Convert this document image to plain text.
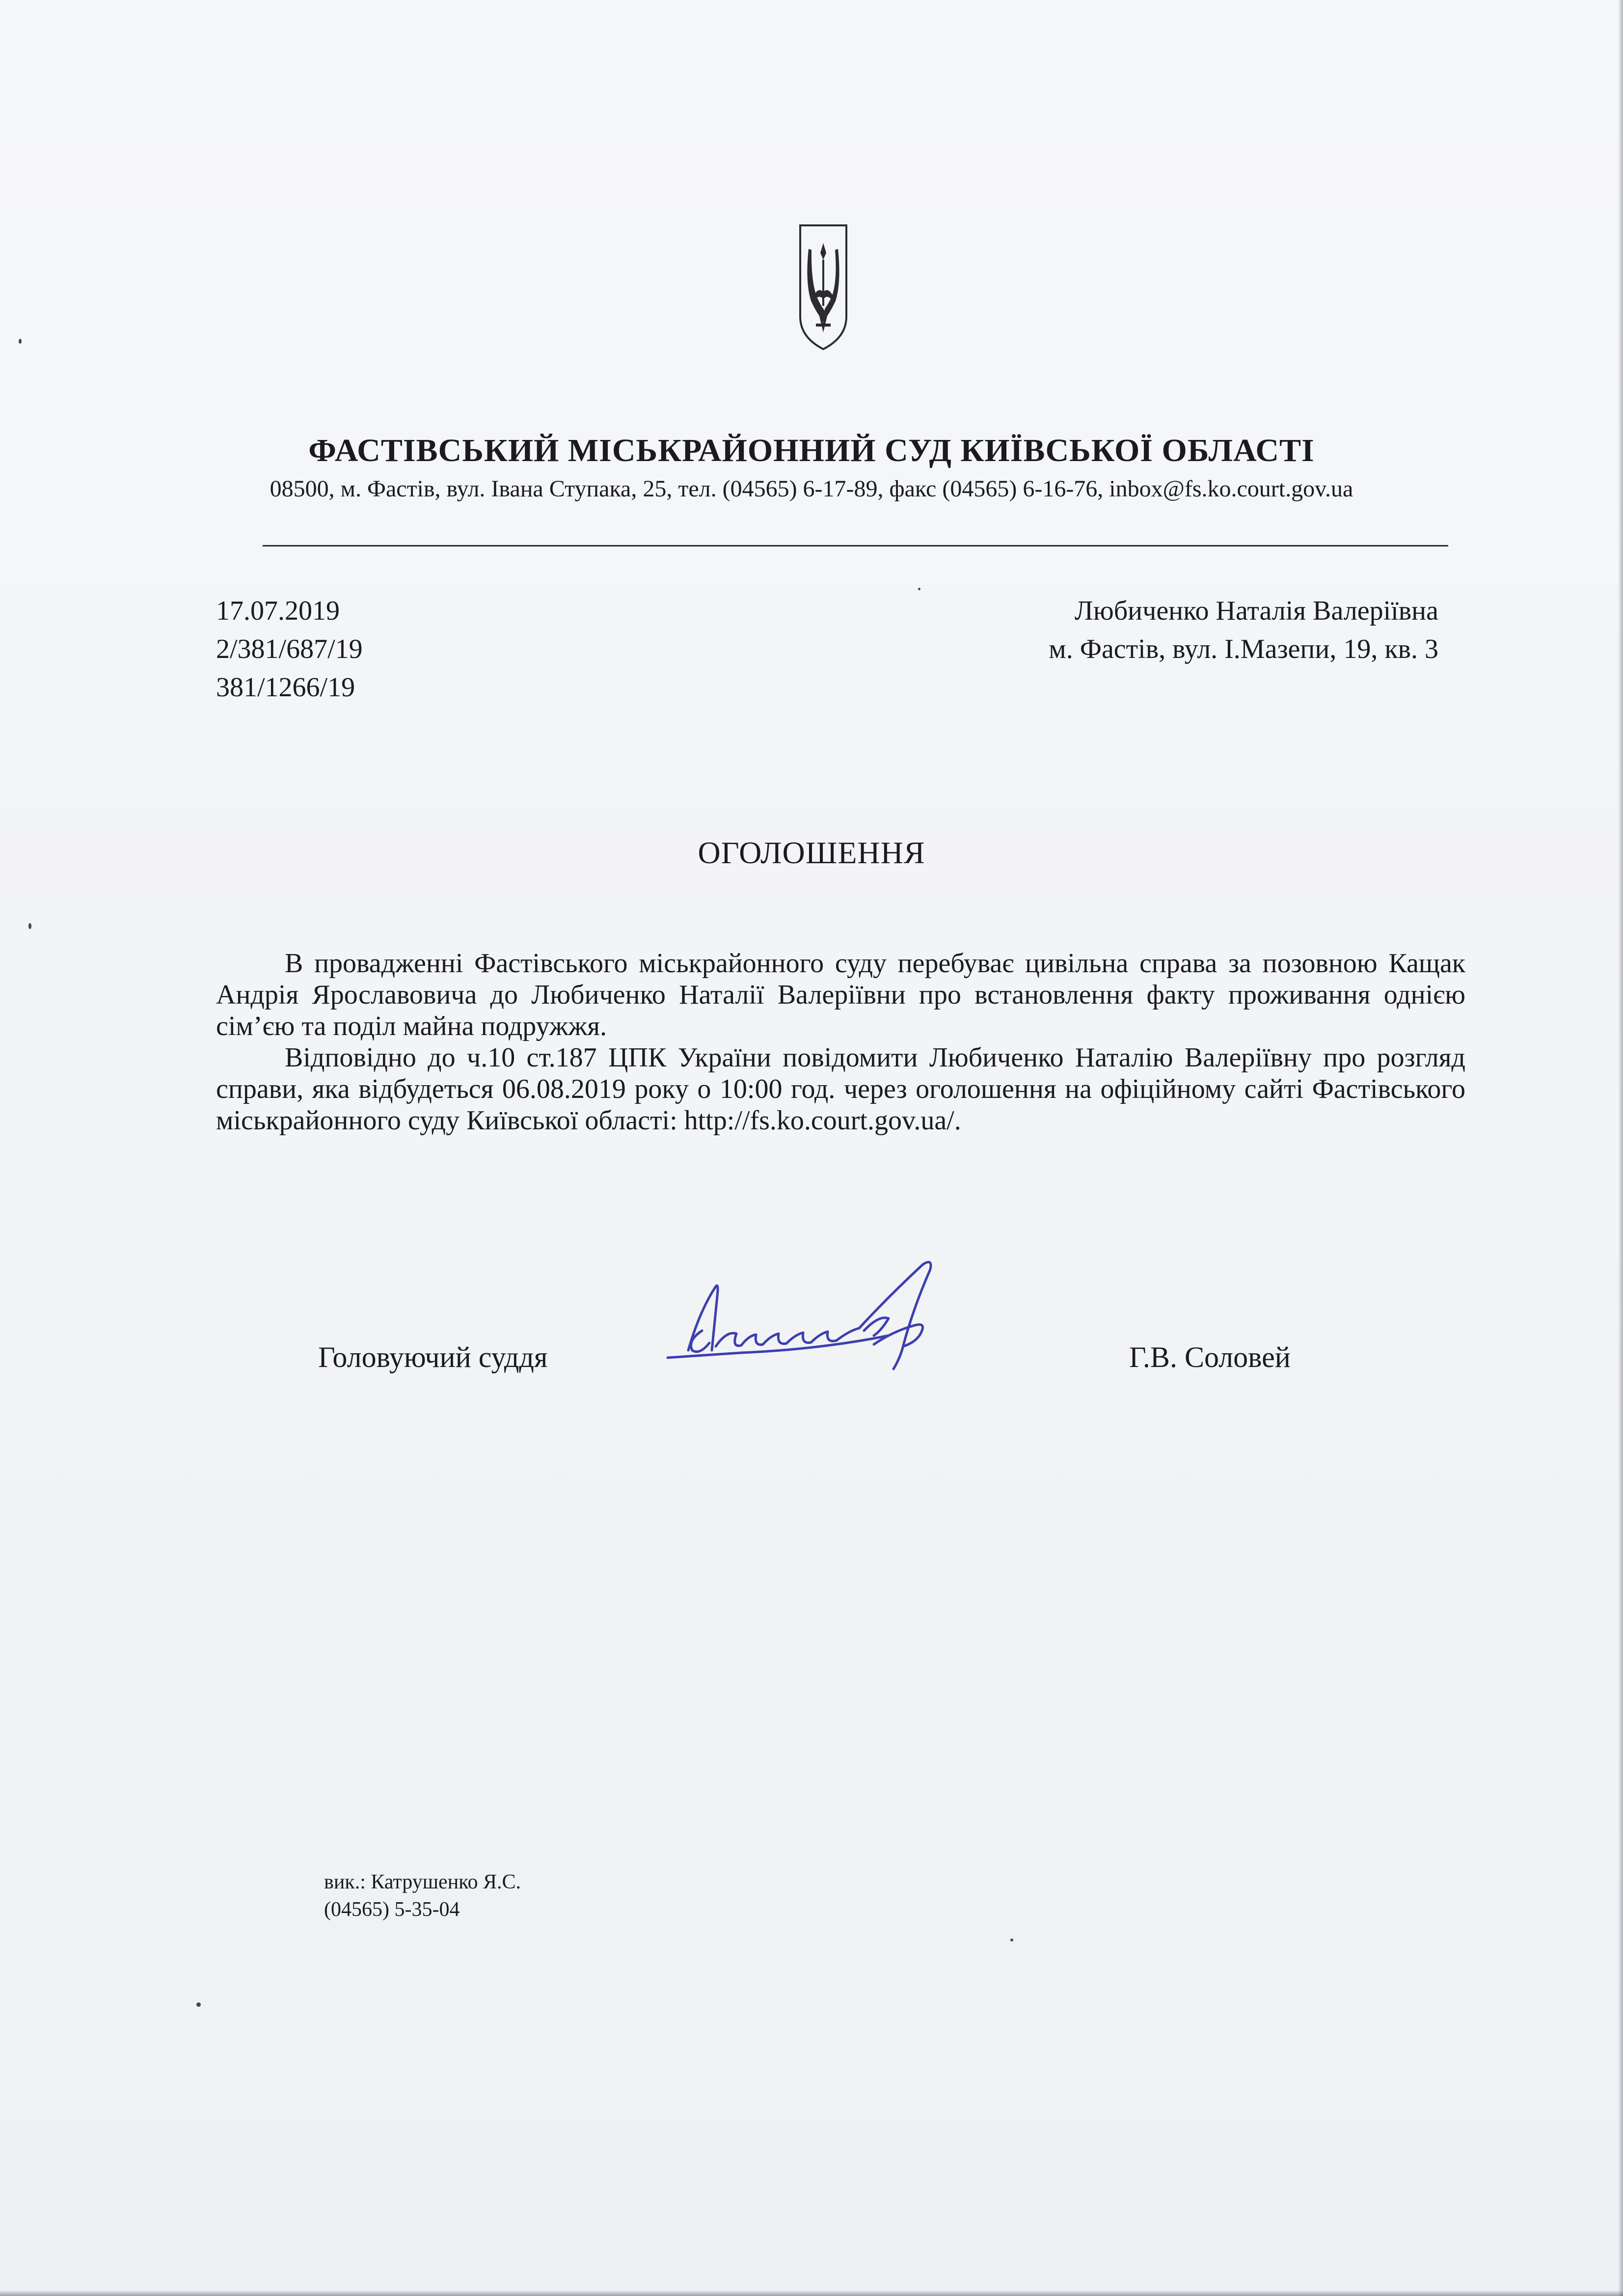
ФАСТІВСЬКИЙ МІСЬКРАЙОННИЙ СУД КИЇВСЬКОЇ ОБЛАСТІ
08500, м. Фастів, вул. Івана Ступака, 25, тел. (04565) 6-17-89, факс (04565) 6-16-76, inbox@fs.ko.court.gov.ua
17.07.2019
2/381/687/19
381/1266/19
Любиченко Наталія Валеріївна
м. Фастів, вул. І.Мазепи, 19, кв. 3
ОГОЛОШЕННЯ

В провадженні Фастівського міськрайонного суду перебуває цивільна справа за позовною Кащак Андрія Ярославовича до Любиченко Наталії Валеріївни про встановлення факту проживання однією сім’єю та поділ майна подружжя.

Відповідно до ч.10 ст.187 ЦПК України повідомити Любиченко Наталію Валеріївну про розгляд справи, яка відбудеться 06.08.2019 року о 10:00 год. через оголошення на офіційному сайті Фастівського міськрайонного суду Київської області: http://fs.ko.court.gov.ua/.

Головуючий суддя	Г.В. Соловей
вик.: Катрушенко Я.С.
(04565) 5-35-04
